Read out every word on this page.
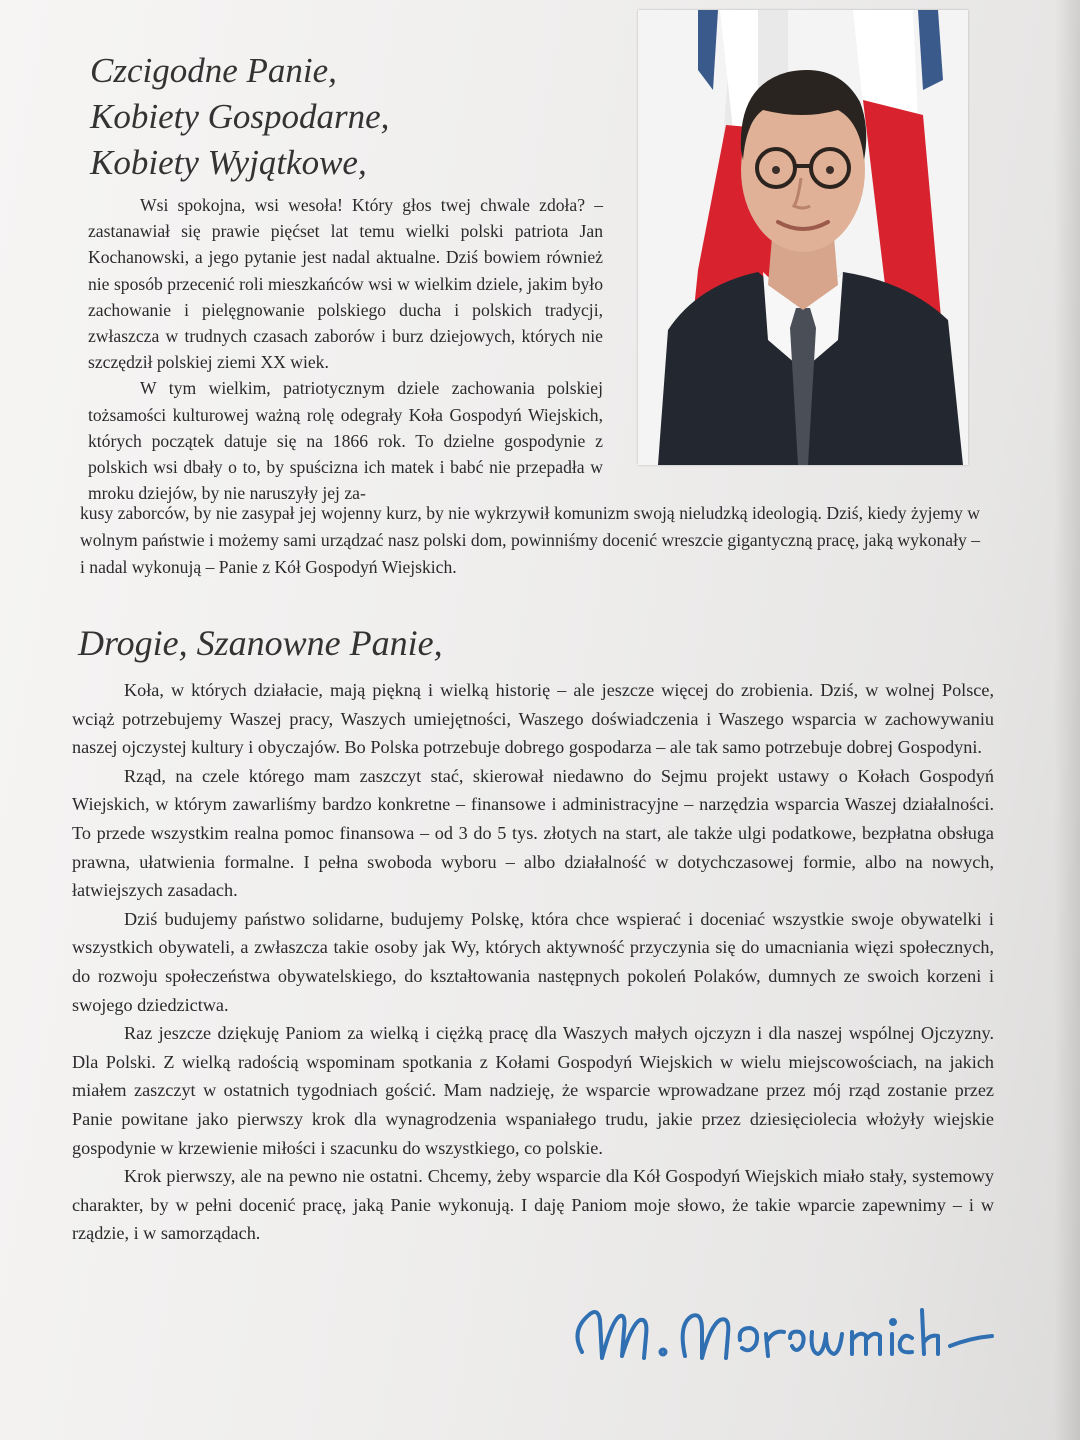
Czcigodne Panie,
Kobiety Gospodarne,
Kobiety Wyjątkowe,

Wsi spokojna, wsi wesoła! Który głos twej chwale zdoła? – zastanawiał się prawie pięćset lat temu wielki polski patriota Jan Kochanowski, a jego pytanie jest nadal aktualne. Dziś bowiem również nie sposób przecenić roli mieszkańców wsi w wielkim dziele, jakim było zachowanie i pielęgnowanie polskiego ducha i polskich tradycji, zwłaszcza w trudnych czasach zaborów i burz dziejowych, których nie szczędził polskiej ziemi XX wiek.

W tym wielkim, patriotycznym dziele zachowania polskiej tożsamości kulturowej ważną rolę odegrały Koła Gospodyń Wiejskich, których początek datuje się na 1866 rok. To dzielne gospodynie z polskich wsi dbały o to, by spuścizna ich matek i babć nie przepadła w mroku dziejów, by nie naruszyły jej za-

kusy zaborców, by nie zasypał jej wojenny kurz, by nie wykrzywił komunizm swoją nieludzką ideologią. Dziś, kiedy żyjemy w wolnym państwie i możemy sami urządzać nasz polski dom, powinniśmy docenić wreszcie gigantyczną pracę, jaką wykonały – i nadal wykonują – Panie z Kół Gospodyń Wiejskich.

Drogie, Szanowne Panie,

Koła, w których działacie, mają piękną i wielką historię – ale jeszcze więcej do zrobienia. Dziś, w wolnej Polsce, wciąż potrzebujemy Waszej pracy, Waszych umiejętności, Waszego doświadczenia i Waszego wsparcia w zachowywaniu naszej ojczystej kultury i obyczajów. Bo Polska potrzebuje dobrego gospodarza – ale tak samo potrzebuje dobrej Gospodyni.

Rząd, na czele którego mam zaszczyt stać, skierował niedawno do Sejmu projekt ustawy o Kołach Gospodyń Wiejskich, w którym zawarliśmy bardzo konkretne – finansowe i administracyjne – narzędzia wsparcia Waszej działalności. To przede wszystkim realna pomoc finansowa – od 3 do 5 tys. złotych na start, ale także ulgi podatkowe, bezpłatna obsługa prawna, ułatwienia formalne. I pełna swoboda wyboru – albo działalność w dotychczasowej formie, albo na nowych, łatwiejszych zasadach.

Dziś budujemy państwo solidarne, budujemy Polskę, która chce wspierać i doceniać wszystkie swoje obywatelki i wszystkich obywateli, a zwłaszcza takie osoby jak Wy, których aktywność przyczynia się do umacniania więzi społecznych, do rozwoju społeczeństwa obywatelskiego, do kształtowania następnych pokoleń Polaków, dumnych ze swoich korzeni i swojego dziedzictwa.

Raz jeszcze dziękuję Paniom za wielką i ciężką pracę dla Waszych małych ojczyzn i dla naszej wspólnej Ojczyzny. Dla Polski. Z wielką radością wspominam spotkania z Kołami Gospodyń Wiejskich w wielu miejscowościach, na jakich miałem zaszczyt w ostatnich tygodniach gościć. Mam nadzieję, że wsparcie wprowadzane przez mój rząd zostanie przez Panie powitane jako pierwszy krok dla wynagrodzenia wspaniałego trudu, jakie przez dziesięciolecia włożyły wiejskie gospodynie w krzewienie miłości i szacunku do wszystkiego, co polskie.

Krok pierwszy, ale na pewno nie ostatni. Chcemy, żeby wsparcie dla Kół Gospodyń Wiejskich miało stały, systemowy charakter, by w pełni docenić pracę, jaką Panie wykonują. I daję Paniom moje słowo, że takie wparcie zapewnimy – i w rządzie, i w samorządach.
